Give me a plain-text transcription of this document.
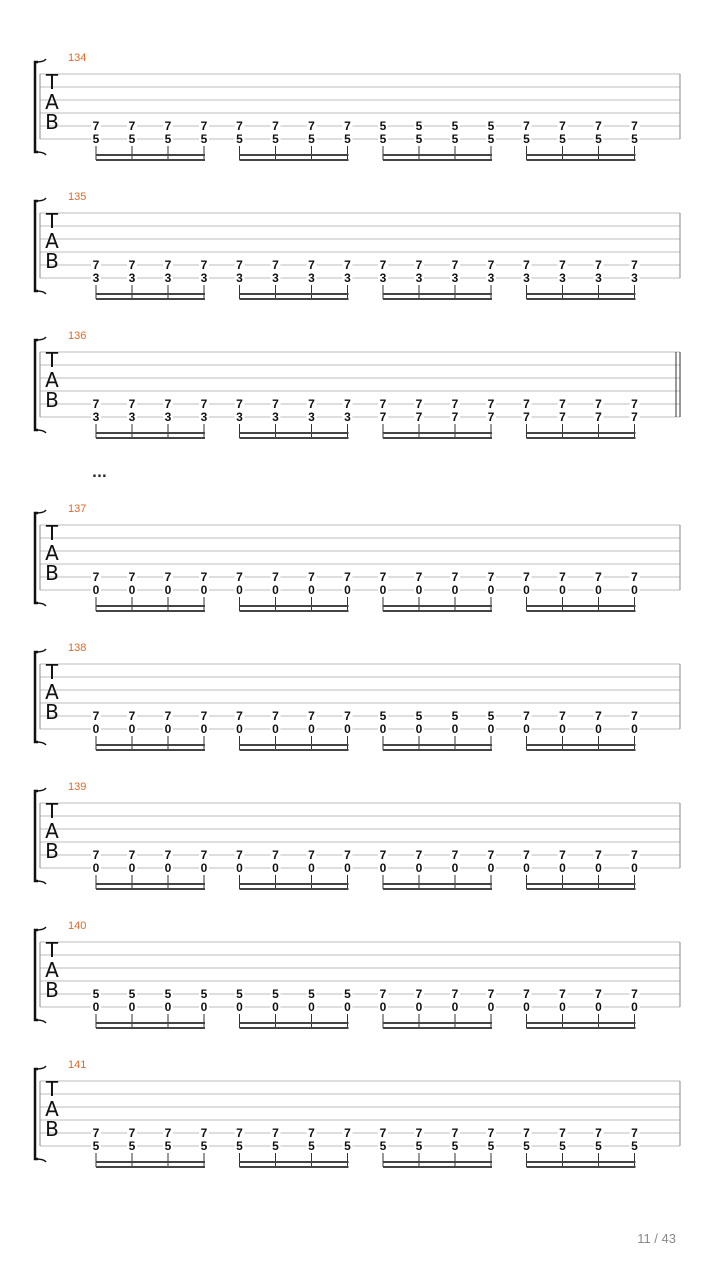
T
A
B
134
7
5
7
5
7
5
7
5
7
5
7
5
7
5
7
5
5
5
5
5
5
5
5
5
7
5
7
5
7
5
7
5
T
A
B
135
7
3
7
3
7
3
7
3
7
3
7
3
7
3
7
3
7
3
7
3
7
3
7
3
7
3
7
3
7
3
7
3
T
A
B
136
7
3
7
3
7
3
7
3
7
3
7
3
7
3
7
3
7
7
7
7
7
7
7
7
7
7
7
7
7
7
7
7
...
T
A
B
137
7
0
7
0
7
0
7
0
7
0
7
0
7
0
7
0
7
0
7
0
7
0
7
0
7
0
7
0
7
0
7
0
T
A
B
138
7
0
7
0
7
0
7
0
7
0
7
0
7
0
7
0
5
0
5
0
5
0
5
0
7
0
7
0
7
0
7
0
T
A
B
139
7
0
7
0
7
0
7
0
7
0
7
0
7
0
7
0
7
0
7
0
7
0
7
0
7
0
7
0
7
0
7
0
T
A
B
140
5
0
5
0
5
0
5
0
5
0
5
0
5
0
5
0
7
0
7
0
7
0
7
0
7
0
7
0
7
0
7
0
T
A
B
141
7
5
7
5
7
5
7
5
7
5
7
5
7
5
7
5
7
5
7
5
7
5
7
5
7
5
7
5
7
5
7
5
11 / 43
